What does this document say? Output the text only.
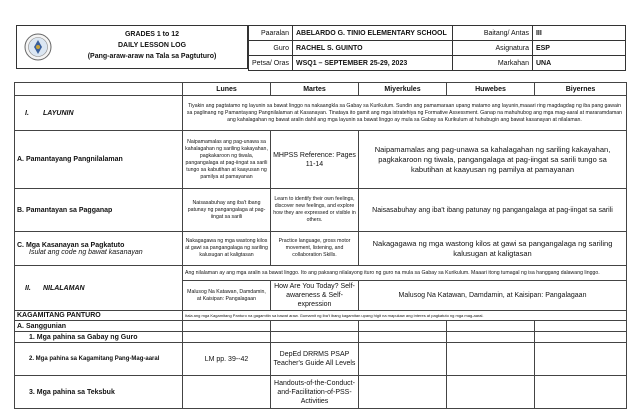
GRADES 1 to 12
DAILY LESSON LOG
(Pang-araw-araw na Tala sa Pagtuturo)
Paaralan	ABELARDO G. TINIO ELEMENTARY SCHOOL	Baitang/ Antas	III
Guro	RACHEL S. GUINTO	Asignatura	ESP
Petsa/ Oras	WSQ1 – SEPTEMBER 25-29, 2023	Markahan	UNA
	Lunes	Martes	Miyerkules	Huwebes	Biyernes
I. LAYUNIN	Tiyakin ang pagtatamo ng layunin sa bawat linggo na nakaangkla sa Gabay sa Kurikulum. Sundin ang pamamaraan upang matamo ang layunin,maaari ring magdagdag ng iba pang gawain sa paglinang ng Pamantayang Pangnilalaman at Kasanayan. Tinataya ito gamit ang mga istratehiya ng Formative Assessment. Ganap na mahuhubog ang mga mag-aaral at mararamdaman ang kahalagahan ng bawat aralin dahil ang mga layunin sa bawat linggo ay mula sa Gabay sa Kurikulum at huhubugin ang bawat kasanayan at nilalaman.				
A. Pamantayang Pangnilalaman	Naipamamalas ang pag-unawa sa kahalagahan ng sariling kakayahan, pagkakaroon ng tiwala, pangangalaga at pag-iingat sa sarili tungo sa kabutihan at kaayusan ng pamilya at pamayanan	MHPSS Reference: Pages 11-14	Naipamamalas ang pag-unawa sa kahalagahan ng sariling kakayahan, pagkakaroon ng tiwala, pangangalaga at pag-iingat sa sarili tungo sa kabutihan at kaayusan ng pamilya at pamayanan		
B. Pamantayan sa Pagganap	Naisasabuhay ang iba't ibang patunay ng pangangalaga at pag-iingat sa sarili	Learn to identify their own feelings, discover new feelings, and explore how they are expressed or visible in others.	Naisasabuhay ang iba't ibang patunay ng pangangalaga at pag-iingat sa sarili		

C. Mga Kasanayan sa Pagkatuto
Isulat ang code ng bawat kasanayan	Nakagagawa ng mga wastong kilos at gawi sa pangangalaga ng sariling kalusugan at kaligtasan	Practice language, gross motor movement, listening, and collaboration Skills.	Nakagagawa ng mga wastong kilos at gawi sa pangangalaga ng sariling kalusugan at kaligtasan		
II. NILALAMAN	Ang nilalaman ay ang mga aralin sa bawat linggo. Ito ang paksang nilalayong ituro ng guro na mula sa Gabay sa Kurikulum. Maaari itong tumagal ng isa hanggang dalawang linggo.				
	Malusog Na Katawan, Damdamin, at Kaisipan: Pangalagaan	How Are You Today? Self-awareness & Self-expression	Malusog Na Katawan, Damdamin, at Kaisipan: Pangalagaan		
KAGAMITANG PANTURO	Itala ang mga Kagamitang Panturo na gagamitin sa bawat araw. Gumamit ng iba't ibang kagamitan upang higit na mapukaw ang interes at pagkatuto ng mga mag-aaral.				
A. Sanggunian					
1. Mga pahina sa Gabay ng Guro					
2. Mga pahina sa Kagamitang Pang-Mag-aaral	LM pp. 39--42	DepEd DRRMS PSAP Teacher's Guide All Levels			
3. Mga pahina sa Teksbuk		Handouts-of-the-Conduct-and-Facilitation-of-PSS-Activities			
